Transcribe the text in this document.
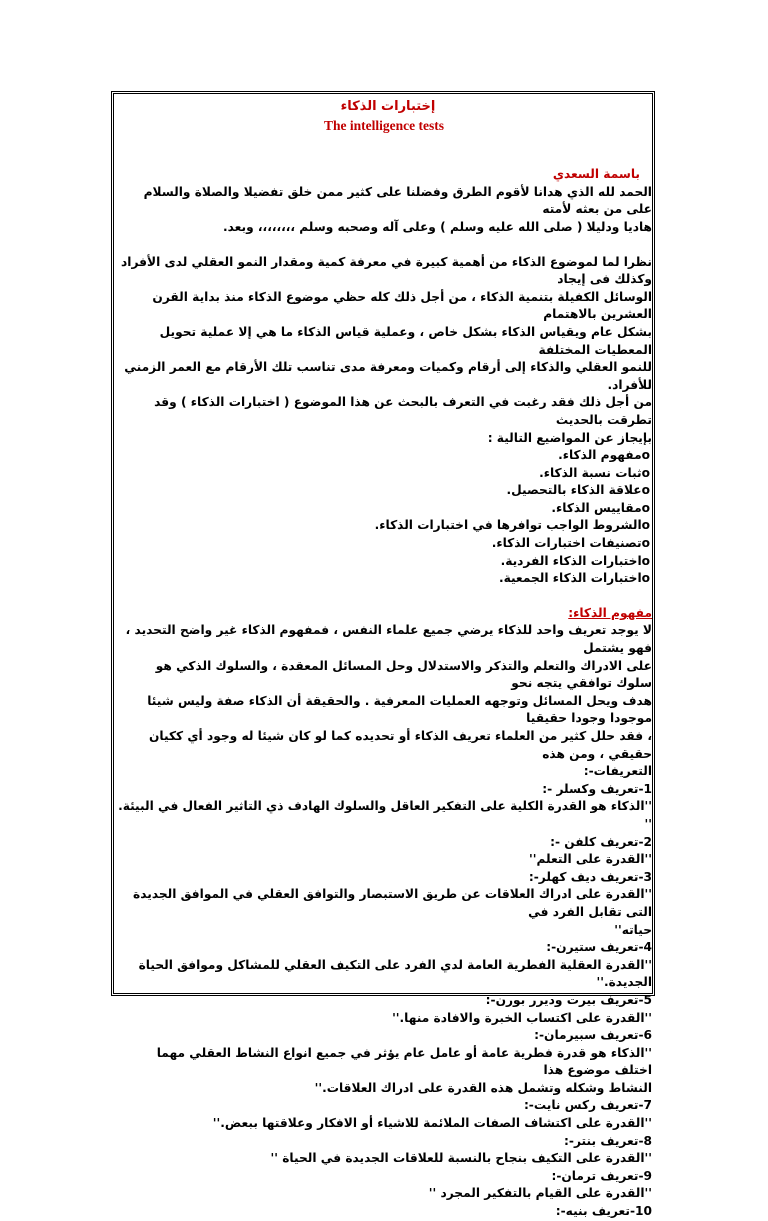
إختبارات الذكاء
The intelligence tests
باسمة السعدي

الحمد لله الذي هدانا لأقوم الطرق وفضلنا على كثير ممن خلق تفضيلا والصلاة والسلام على من بعثه لأمته

هاديا ودليلا ( صلى الله عليه وسلم ) وعلى آله وصحبه وسلم ،،،،،،،، وبعد.

نظرا لما لموضوع الذكاء من أهمية كبيرة في معرفة كمية ومقدار النمو العقلي لدى الأفراد وكذلك فى إيجاد

الوسائل الكفيلة بتنمية الذكاء ، من أجل ذلك كله حظي موضوع الذكاء منذ بداية القرن العشرين بالاهتمام

بشكل عام ويقياس الذكاء بشكل خاص ، وعملية قياس الذكاء ما هي إلا عملية تحويل المعطيات المختلفة

للنمو العقلي والذكاء إلى أرقام وكميات ومعرفة مدى تناسب تلك الأرقام مع العمر الزمني للأفراد.

من أجل ذلك فقد رغبت في التعرف بالبحث عن هذا الموضوع ( اختبارات الذكاء ) وقد تطرقت بالحديث

بإيجاز عن المواضيع التالية :

oمفهوم الذكاء.
oثبات نسبة الذكاء.
oعلاقة الذكاء بالتحصيل.
oمقاييس الذكاء.
oالشروط الواجب توافرها في اختبارات الذكاء.
oتصنيفات اختبارات الذكاء.
oاختبارات الذكاء الفردية.
oاختبارات الذكاء الجمعية.
مفهوم الذكاء:

لا يوجد تعريف واحد للذكاء يرضي جميع علماء النفس ، فمفهوم الذكاء غير واضح التحديد ، فهو يشتمل

على الادراك والتعلم والتذكر والاستدلال وحل المسائل المعقدة ، والسلوك الذكي هو سلوك توافقي يتجه نحو

هدف ويحل المسائل وتوجهه العمليات المعرفية . والحقيقة أن الذكاء صفة وليس شيئا موجودا وجودا حقيقيا

، فقد حلل كثير من العلماء تعريف الذكاء أو تحديده كما لو كان شيئا له وجود أي ككيان حقيقي ، ومن هذه

التعريفات-:

1-تعريف وكسلر -:
''الذكاء هو القدرة الكلية على التفكير العاقل والسلوك الهادف ذي التاثير الفعال في البيئة. ''
2-تعريف كلفن -:
''القدرة على التعلم''
3-تعريف ديف كهلر-:
''القدرة على ادراك العلاقات عن طريق الاستبصار والتوافق العقلي في الموافق الجديدة التى تقابل الفرد في
حياته''
4-تعريف ستيرن-:
''القدرة العقلية الفطرية العامة لدي الفرد على التكيف العقلي للمشاكل وموافق الحياة الجديدة.''
5-تعريف بيرت وديرر بورن-:
''القدرة على اكتساب الخبرة والافادة منها.''
6-تعريف سبيرمان-:
''الذكاء هو قدرة فطرية عامة أو عامل عام يؤثر في جميع انواع النشاط العقلي مهما اختلف موضوع هذا
النشاط وشكله وتشمل هذه القدرة على ادراك العلاقات.''
7-تعريف ركس نايت-:
''القدرة على اكتشاف الصفات الملائمة للاشياء أو الافكار وعلاقتها ببعض.''
8-تعريف بنتر-:
''القدرة على التكيف بنجاح بالنسبة للعلاقات الجديدة في الحياة ''
9-تعريف ترمان-:
''القدرة على القيام بالتفكير المجرد ''
10-تعريف بنيه-:
